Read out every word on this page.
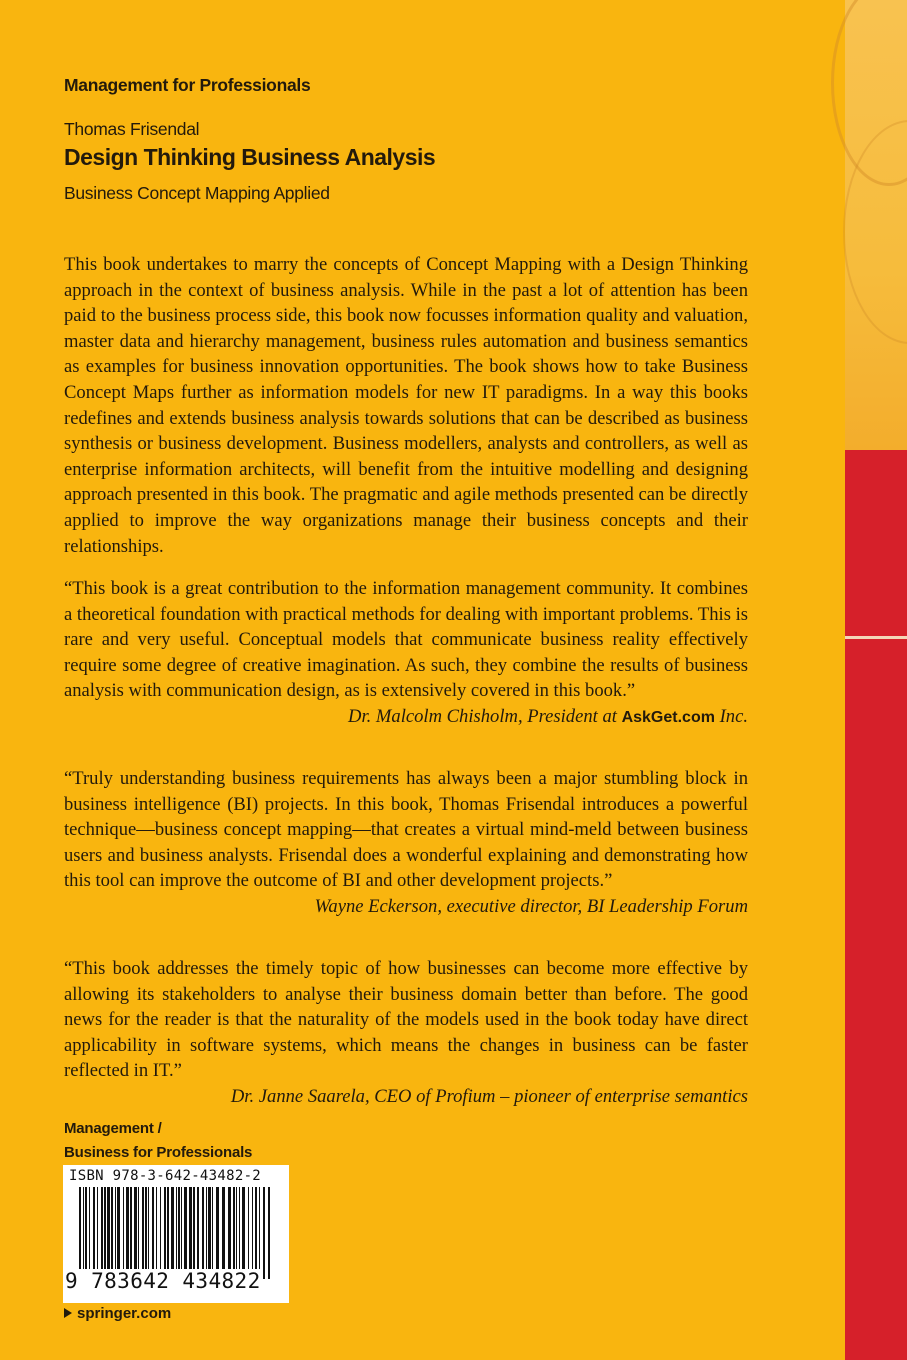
Management for Professionals
Thomas Frisendal
Design Thinking Business Analysis
Business Concept Mapping Applied

This book undertakes to marry the concepts of Concept Mapping with a Design Thinking approach in the context of business analysis. While in the past a lot of attention has been paid to the business process side, this book now focusses information quality and valuation, master data and hierarchy management, business rules automation and business semantics as examples for business innovation opportunities. The book shows how to take Business Concept Maps further as information models for new IT paradigms. In a way this books redefines and extends business analysis towards solutions that can be described as business synthesis or business development. Business modellers, analysts and controllers, as well as enterprise information architects, will benefit from the intuitive modelling and designing approach presented in this book. The pragmatic and agile methods presented can be directly applied to improve the way organizations manage their business concepts and their relationships.

“This book is a great contribution to the information management community. It combines a theoretical foundation with practical methods for dealing with important problems. This is rare and very useful. Conceptual models that communicate business reality effectively require some degree of creative imagination. As such, they combine the results of business analysis with communication design, as is extensively covered in this book.”
Dr. Malcolm Chisholm, President at AskGet.com Inc.
“Truly understanding business requirements has always been a major stumbling block in business intelligence (BI) projects. In this book, Thomas Frisendal introduces a powerful technique—business concept mapping—that creates a virtual mind-meld between business users and business analysts. Frisendal does a wonderful explaining and demonstrating how this tool can improve the outcome of BI and other development projects.”
Wayne Eckerson, executive director, BI Leadership Forum
“This book addresses the timely topic of how businesses can become more effective by allowing its stakeholders to analyse their business domain better than before. The good news for the reader is that the naturality of the models used in the book today have direct applicability in software systems, which means the changes in business can be faster reflected in IT.”
Dr. Janne Saarela, CEO of Profium – pioneer of enterprise semantics
Management /
Business for Professionals
ISBN 978-3-642-43482-2
9 783642 434822
springer.com
